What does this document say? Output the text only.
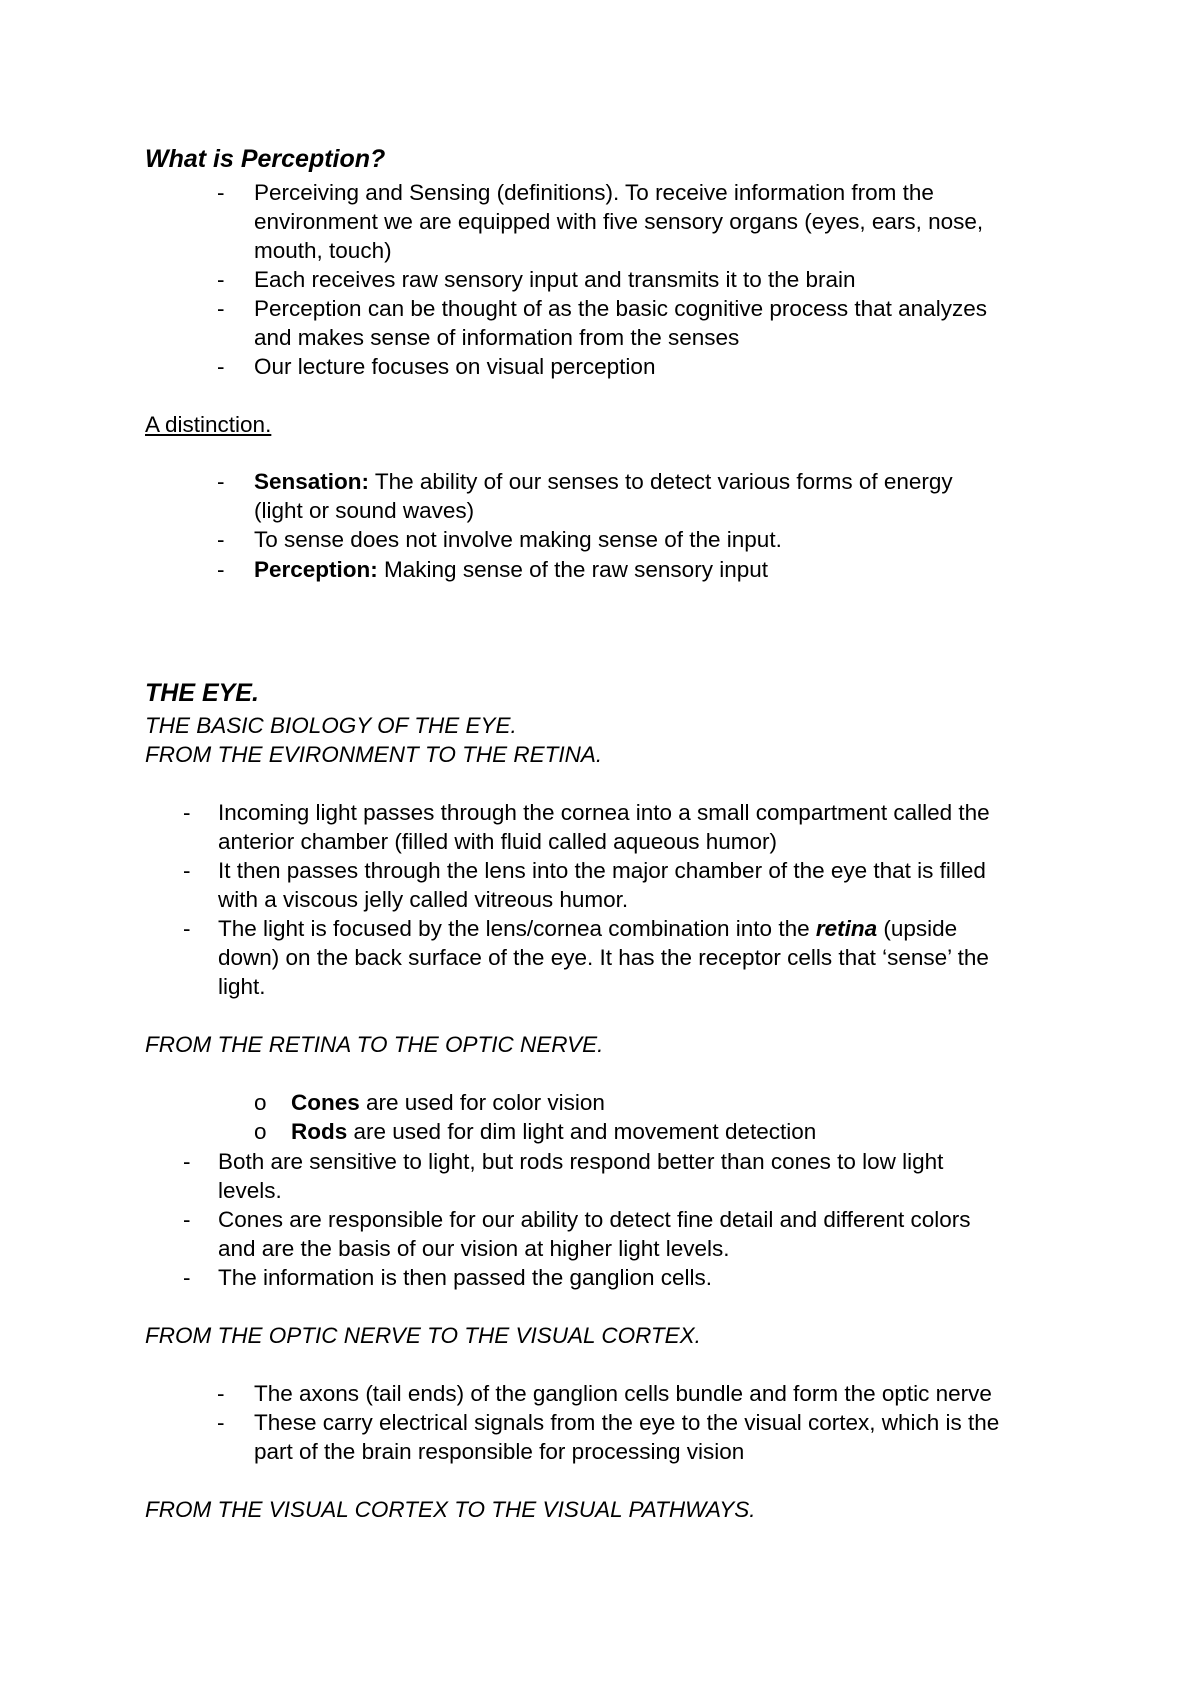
What is Perception?
- Perceiving and Sensing (definitions). To receive information from the
environment we are equipped with five sensory organs (eyes, ears, nose,
mouth, touch)
- Each receives raw sensory input and transmits it to the brain
- Perception can be thought of as the basic cognitive process that analyzes
and makes sense of information from the senses
- Our lecture focuses on visual perception
A distinction.
- Sensation: The ability of our senses to detect various forms of energy
(light or sound waves)
- To sense does not involve making sense of the input.
- Perception: Making sense of the raw sensory input
THE EYE.
THE BASIC BIOLOGY OF THE EYE.
FROM THE EVIRONMENT TO THE RETINA.
- Incoming light passes through the cornea into a small compartment called the
anterior chamber (filled with fluid called aqueous humor)
- It then passes through the lens into the major chamber of the eye that is filled
with a viscous jelly called vitreous humor.
- The light is focused by the lens/cornea combination into the retina (upside
down) on the back surface of the eye. It has the receptor cells that ‘sense’ the
light.
FROM THE RETINA TO THE OPTIC NERVE.
o Cones are used for color vision
o Rods are used for dim light and movement detection
- Both are sensitive to light, but rods respond better than cones to low light
levels.
- Cones are responsible for our ability to detect fine detail and different colors
and are the basis of our vision at higher light levels.
- The information is then passed the ganglion cells.
FROM THE OPTIC NERVE TO THE VISUAL CORTEX.
- The axons (tail ends) of the ganglion cells bundle and form the optic nerve
- These carry electrical signals from the eye to the visual cortex, which is the
part of the brain responsible for processing vision
FROM THE VISUAL CORTEX TO THE VISUAL PATHWAYS.
